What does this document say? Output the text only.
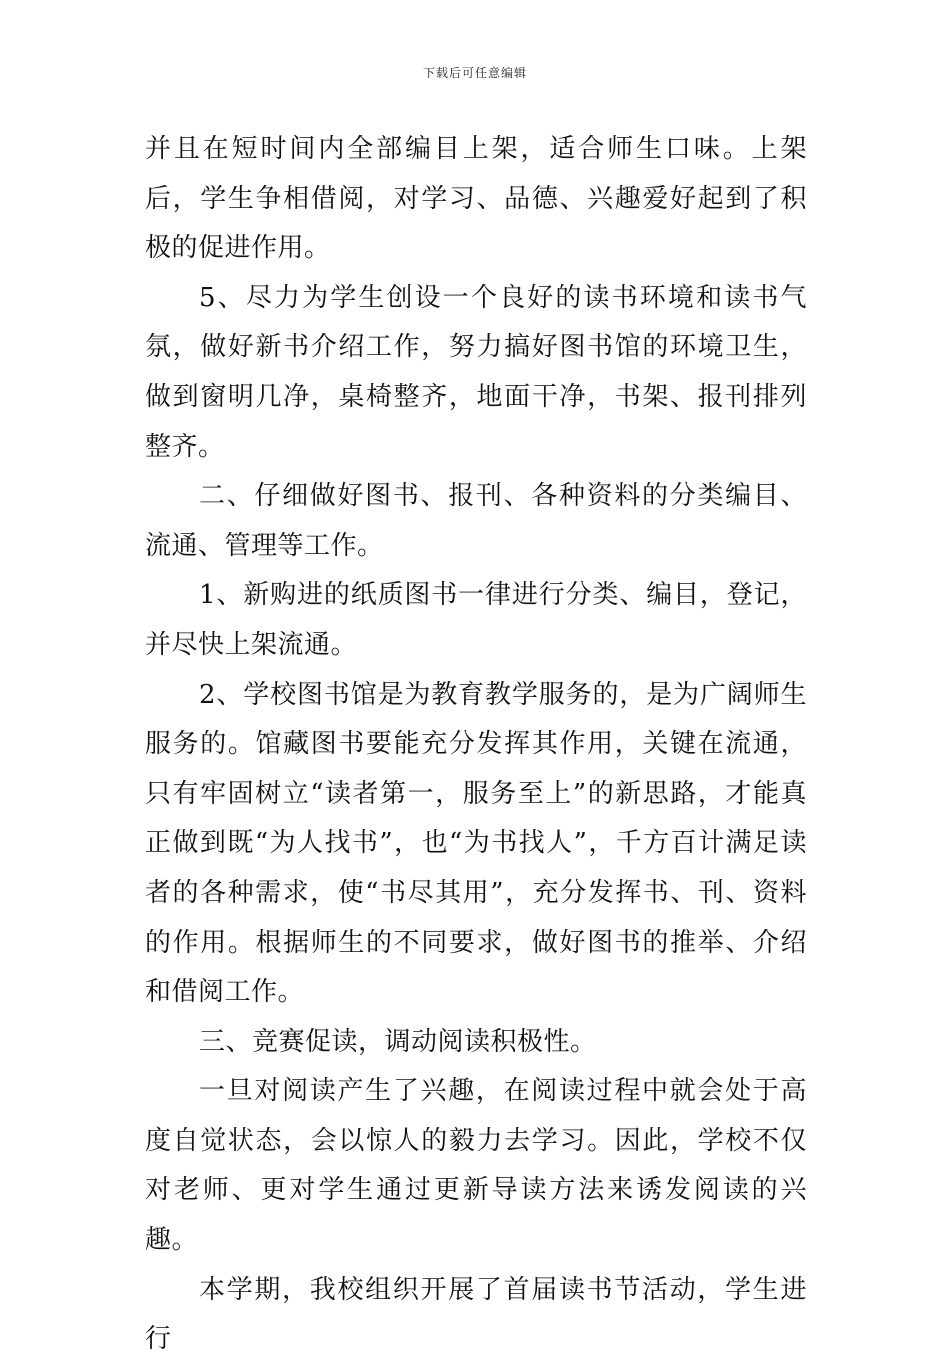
下载后可任意编辑

并且在短时间内全部编目上架，适合师生口味。上架后，学生争相借阅，对学习、品德、兴趣爱好起到了积极的促进作用。

5、尽力为学生创设一个良好的读书环境和读书气氛，做好新书介绍工作，努力搞好图书馆的环境卫生，做到窗明几净，桌椅整齐，地面干净，书架、报刊排列整齐。

二、仔细做好图书、报刊、各种资料的分类编目、流通、管理等工作。

1、新购进的纸质图书一律进行分类、编目，登记，并尽快上架流通。

2、学校图书馆是为教育教学服务的，是为广阔师生服务的。馆藏图书要能充分发挥其作用，关键在流通，只有牢固树立“读者第一，服务至上”的新思路，才能真正做到既“为人找书”，也“为书找人”，千方百计满足读者的各种需求，使“书尽其用”，充分发挥书、刊、资料的作用。根据师生的不同要求，做好图书的推举、介绍和借阅工作。

三、竞赛促读，调动阅读积极性。

一旦对阅读产生了兴趣，在阅读过程中就会处于高度自觉状态，会以惊人的毅力去学习。因此，学校不仅对老师、更对学生通过更新导读方法来诱发阅读的兴趣。

本学期，我校组织开展了首届读书节活动，学生进行
